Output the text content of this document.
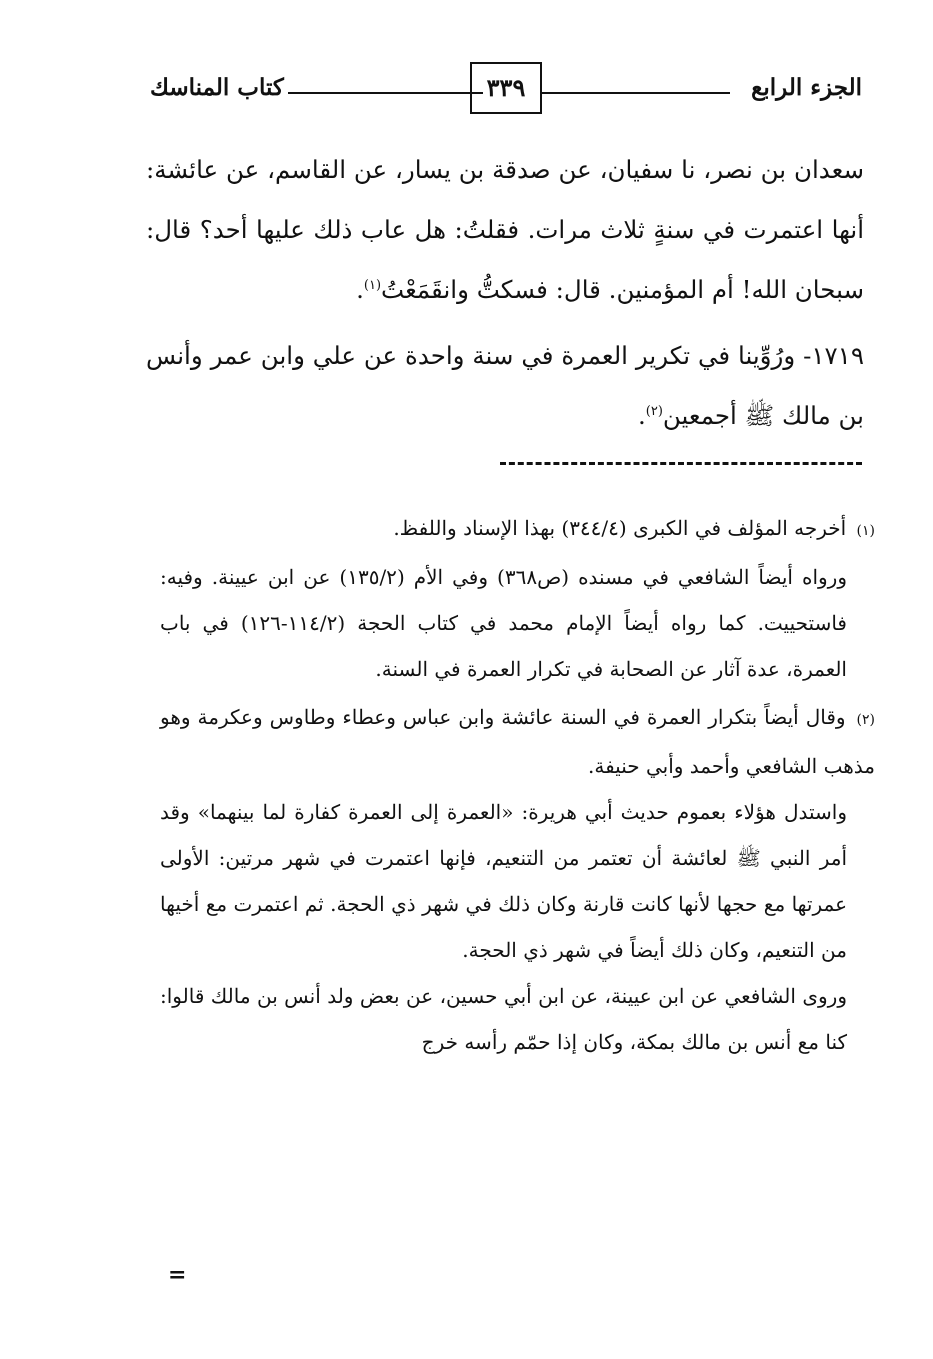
الجزء الرابع
٣٣٩
كتاب المناسك

سعدان بن نصر، نا سفيان، عن صدقة بن يسار، عن القاسم، عن عائشة: أنها اعتمرت في سنةٍ ثلاث مرات. فقلتُ: هل عاب ذلك عليها أحد؟ قال: سبحان الله! أم المؤمنين. قال: فسكتُّ وانقَمَعْتُ$^{(١)}$.

١٧١٩- ورُوِّينا في تكرير العمرة في سنة واحدة عن علي وابن عمر وأنس بن مالك ﷺ أجمعين$^{(٢)}$.

(١) أخرجه المؤلف في الكبرى (٣٤٤/٤) بهذا الإسناد واللفظ.

ورواه أيضاً الشافعي في مسنده (ص٣٦٨) وفي الأم (١٣٥/٢) عن ابن عيينة. وفيه: فاستحييت. كما رواه أيضاً الإمام محمد في كتاب الحجة (١١٤/٢-١٢٦) في باب العمرة، عدة آثار عن الصحابة في تكرار العمرة في السنة.

(٢) وقال أيضاً بتكرار العمرة في السنة عائشة وابن عباس وعطاء وطاوس وعكرمة وهو مذهب الشافعي وأحمد وأبي حنيفة.

واستدل هؤلاء بعموم حديث أبي هريرة: «العمرة إلى العمرة كفارة لما بينهما» وقد أمر النبي ﷺ لعائشة أن تعتمر من التنعيم، فإنها اعتمرت في شهر مرتين: الأولى عمرتها مع حجها لأنها كانت قارنة وكان ذلك في شهر ذي الحجة. ثم اعتمرت مع أخيها من التنعيم، وكان ذلك أيضاً في شهر ذي الحجة.

وروى الشافعي عن ابن عيينة، عن ابن أبي حسين، عن بعض ولد أنس بن مالك قالوا: كنا مع أنس بن مالك بمكة، وكان إذا حمّم رأسه خرج

=
